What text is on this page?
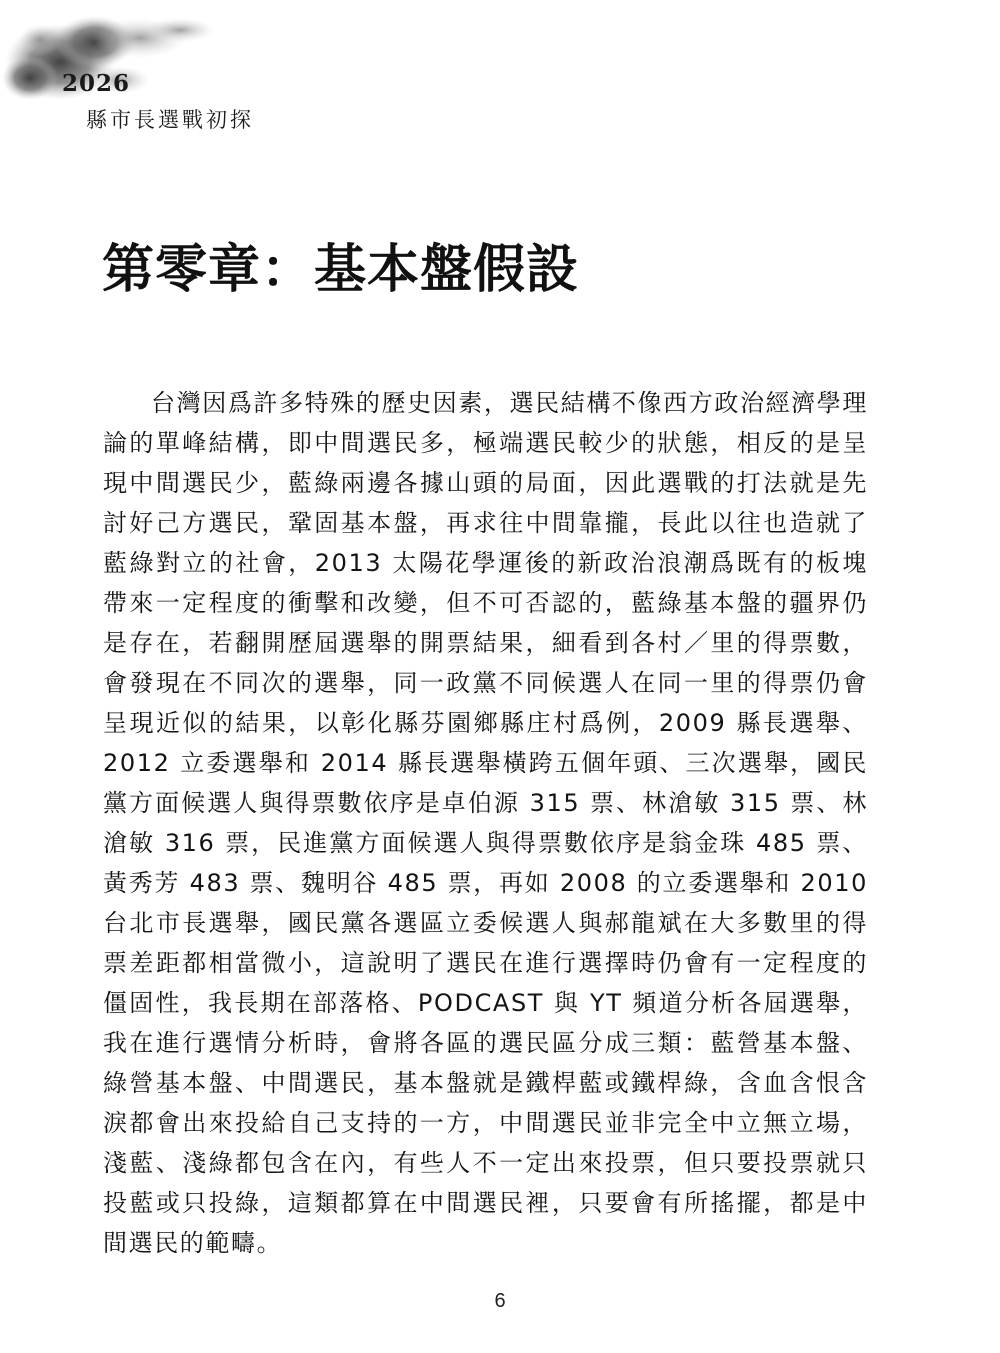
2026
縣市長選戰初探
第零章：基本盤假設

台灣因爲許多特殊的歷史因素，選民結構不像西方政治經濟學理論的單峰結構，即中間選民多，極端選民較少的狀態，相反的是呈現中間選民少，藍綠兩邊各據山頭的局面，因此選戰的打法就是先討好己方選民，鞏固基本盤，再求往中間靠攏，長此以往也造就了藍綠對立的社會，2013 太陽花學運後的新政治浪潮爲既有的板塊帶來一定程度的衝擊和改變，但不可否認的，藍綠基本盤的疆界仍是存在，若翻開歷屆選舉的開票結果，細看到各村／里的得票數，會發現在不同次的選舉，同一政黨不同候選人在同一里的得票仍會呈現近似的結果，以彰化縣芬園鄉縣庄村爲例，2009 縣長選舉、2012 立委選舉和 2014 縣長選舉橫跨五個年頭、三次選舉，國民黨方面候選人與得票數依序是卓伯源 315 票、林滄敏 315 票、林滄敏 316 票，民進黨方面候選人與得票數依序是翁金珠 485 票、黃秀芳 483 票、魏明谷 485 票，再如 2008 的立委選舉和 2010 台北市長選舉，國民黨各選區立委候選人與郝龍斌在大多數里的得票差距都相當微小，這說明了選民在進行選擇時仍會有一定程度的僵固性，我長期在部落格、PODCAST 與 YT 頻道分析各屆選舉，我在進行選情分析時，會將各區的選民區分成三類：藍營基本盤、綠營基本盤、中間選民，基本盤就是鐵桿藍或鐵桿綠，含血含恨含淚都會出來投給自己支持的一方，中間選民並非完全中立無立場，淺藍、淺綠都包含在內，有些人不一定出來投票，但只要投票就只投藍或只投綠，這類都算在中間選民裡，只要會有所搖擺，都是中間選民的範疇。

6
